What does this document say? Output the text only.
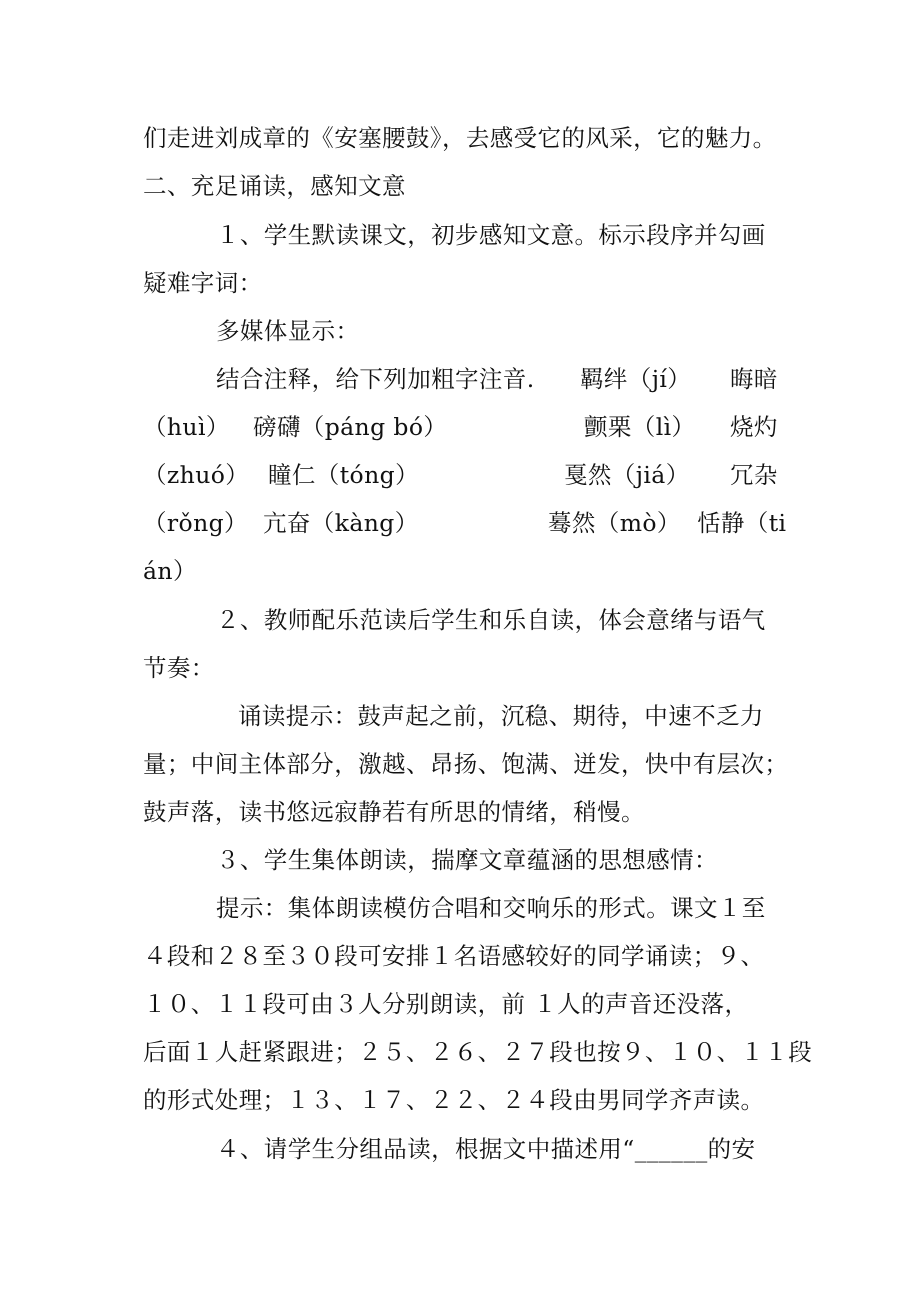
们走进刘成章的《安塞腰鼓》，去感受它的风采，它的魅力。

二、充足诵读，感知文意

１、学生默读课文，初步感知文意。标示段序并勾画

疑难字词：

多媒体显示：

结合注释，给下列加粗字注音. 羁绊（jí） 晦暗

（huì） 磅礴（páng bó）	颤栗（lì） 烧灼

（zhuó） 瞳仁（tóng）	戛然（jiá） 冗杂

（rǒng） 亢奋（kàng）	蓦然（mò） 恬静（ti

án）

２、教师配乐范读后学生和乐自读，体会意绪与语气

节奏：

诵读提示：鼓声起之前，沉稳、期待，中速不乏力

量；中间主体部分，激越、昂扬、饱满、迸发，快中有层次；

鼓声落，读书悠远寂静若有所思的情绪，稍慢。

３、学生集体朗读，揣摩文章蕴涵的思想感情：

提示：集体朗读模仿合唱和交响乐的形式。课文１至

４段和２８至３０段可安排１名语感较好的同学诵读；９、

１０、１１段可由３人分别朗读，前 １人的声音还没落，

后面１人赶紧跟进；２５、２６、２７段也按９、１０、１１段

的形式处理；１３、１７、２２、２４段由男同学齐声读。

４、请学生分组品读，根据文中描述用“______的安
